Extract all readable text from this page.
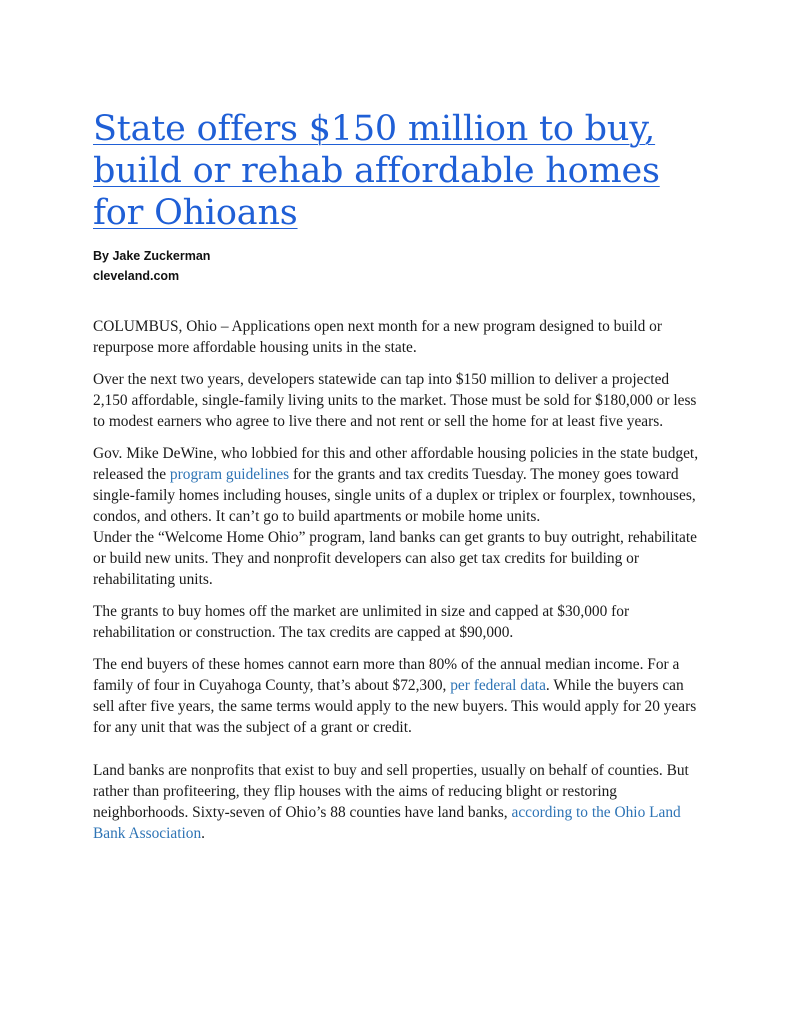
State offers $150 million to buy, build or rehab affordable homes for Ohioans
By Jake Zuckerman
cleveland.com

COLUMBUS, Ohio – Applications open next month for a new program designed to build or repurpose more affordable housing units in the state.

Over the next two years, developers statewide can tap into $150 million to deliver a projected 2,150 affordable, single-family living units to the market. Those must be sold for $180,000 or less to modest earners who agree to live there and not rent or sell the home for at least five years.

Gov. Mike DeWine, who lobbied for this and other affordable housing policies in the state budget, released the program guidelines for the grants and tax credits Tuesday. The money goes toward single-family homes including houses, single units of a duplex or triplex or fourplex, townhouses, condos, and others. It can’t go to build apartments or mobile home units.

Under the “Welcome Home Ohio” program, land banks can get grants to buy outright, rehabilitate or build new units. They and nonprofit developers can also get tax credits for building or rehabilitating units.

The grants to buy homes off the market are unlimited in size and capped at $30,000 for rehabilitation or construction. The tax credits are capped at $90,000.

The end buyers of these homes cannot earn more than 80% of the annual median income. For a family of four in Cuyahoga County, that’s about $72,300, per federal data. While the buyers can sell after five years, the same terms would apply to the new buyers. This would apply for 20 years for any unit that was the subject of a grant or credit.

Land banks are nonprofits that exist to buy and sell properties, usually on behalf of counties. But rather than profiteering, they flip houses with the aims of reducing blight or restoring neighborhoods. Sixty-seven of Ohio’s 88 counties have land banks, according to the Ohio Land Bank Association.
